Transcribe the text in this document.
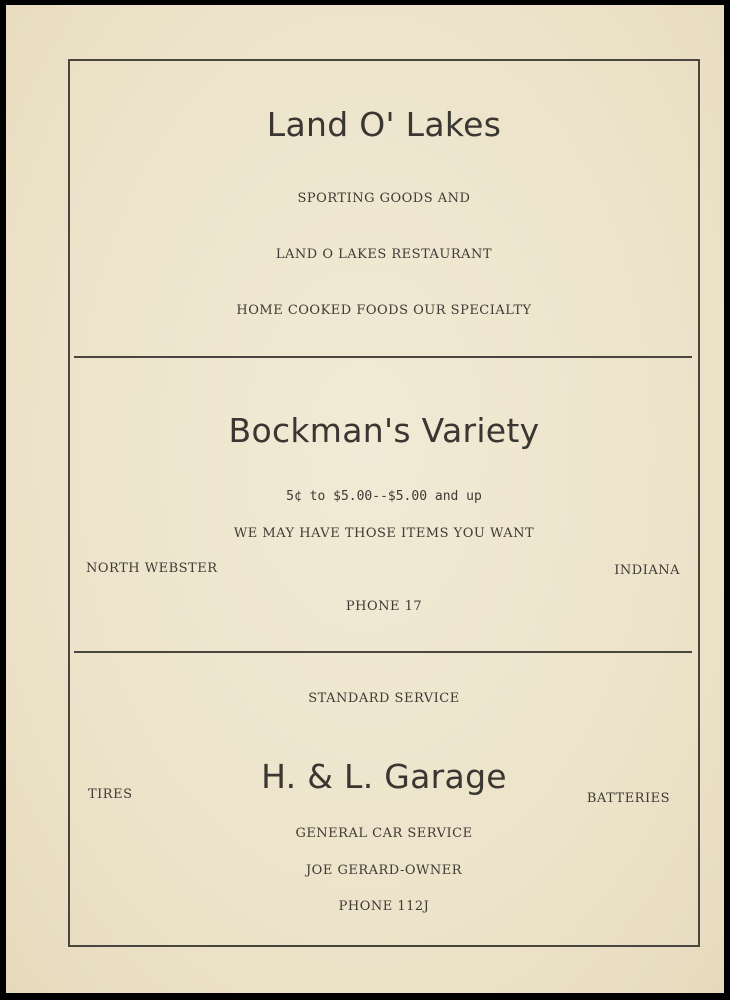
Land O' Lakes
SPORTING GOODS AND
LAND O LAKES RESTAURANT
HOME COOKED FOODS OUR SPECIALTY
Bockman's Variety
5¢ to $5.00--$5.00 and up
WE MAY HAVE THOSE ITEMS YOU WANT
NORTH WEBSTER	INDIANA
PHONE 17
STANDARD SERVICE
H. & L. Garage
TIRES	BATTERIES
GENERAL CAR SERVICE
JOE GERARD-OWNER
PHONE 112J
